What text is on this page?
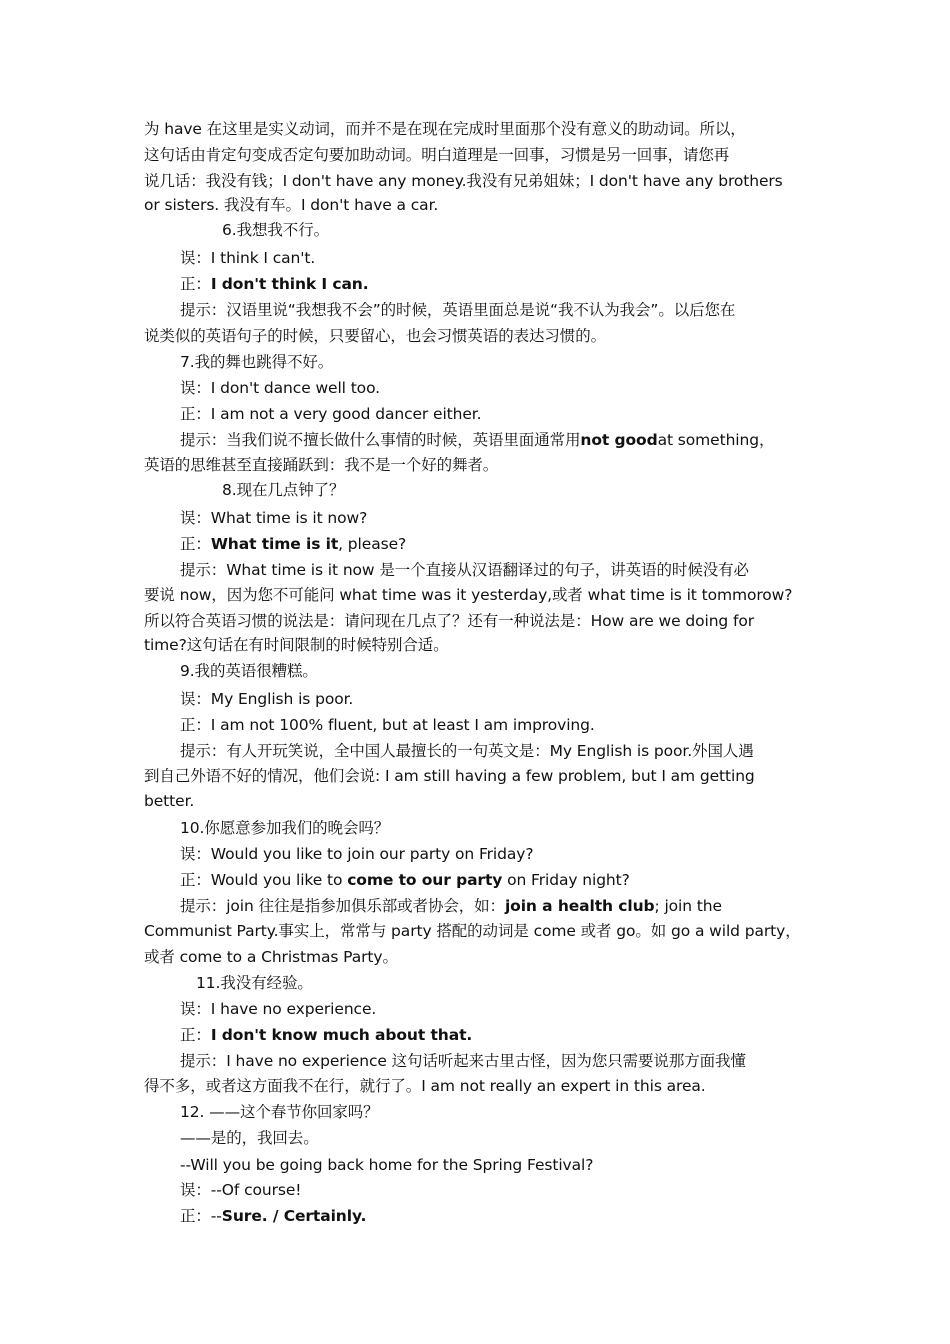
为 have 在这里是实义动词，而并不是在现在完成时里面那个没有意义的助动词。所以，
这句话由肯定句变成否定句要加助动词。明白道理是一回事，习惯是另一回事，请您再
说几话：我没有钱；I don't have any money.我没有兄弟姐妹；I don't have any brothers
or sisters. 我没有车。I don't have a car.
6.我想我不行。
误：I think I can't.
正：I don't think I can.
提示：汉语里说“我想我不会”的时候，英语里面总是说“我不认为我会”。以后您在
说类似的英语句子的时候，只要留心，也会习惯英语的表达习惯的。
7.我的舞也跳得不好。
误：I don't dance well too.
正：I am not a very good dancer either.
提示：当我们说不擅长做什么事情的时候，英语里面通常用not goodat something，
英语的思维甚至直接踊跃到：我不是一个好的舞者。
8.现在几点钟了？
误：What time is it now?
正：What time is it, please?
提示：What time is it now 是一个直接从汉语翻译过的句子，讲英语的时候没有必
要说 now，因为您不可能问 what time was it yesterday,或者 what time is it tommorow?
所以符合英语习惯的说法是：请问现在几点了？还有一种说法是：How are we doing for
time?这句话在有时间限制的时候特别合适。
9.我的英语很糟糕。
误：My English is poor.
正：I am not 100% fluent, but at least I am improving.
提示：有人开玩笑说，全中国人最擅长的一句英文是：My English is poor.外国人遇
到自己外语不好的情况，他们会说: I am still having a few problem, but I am getting
better.
10.你愿意参加我们的晚会吗？
误：Would you like to join our party on Friday?
正：Would you like to come to our party on Friday night?
提示：join 往往是指参加俱乐部或者协会，如：join a health club; join the
Communist Party.事实上，常常与 party 搭配的动词是 come 或者 go。如 go a wild party，
或者 come to a Christmas Party。
11.我没有经验。
误：I have no experience.
正：I don't know much about that.
提示：I have no experience 这句话听起来古里古怪，因为您只需要说那方面我懂
得不多，或者这方面我不在行，就行了。I am not really an expert in this area.
12. ——这个春节你回家吗？
——是的，我回去。
--Will you be going back home for the Spring Festival?
误：--Of course!
正：--Sure. / Certainly.
